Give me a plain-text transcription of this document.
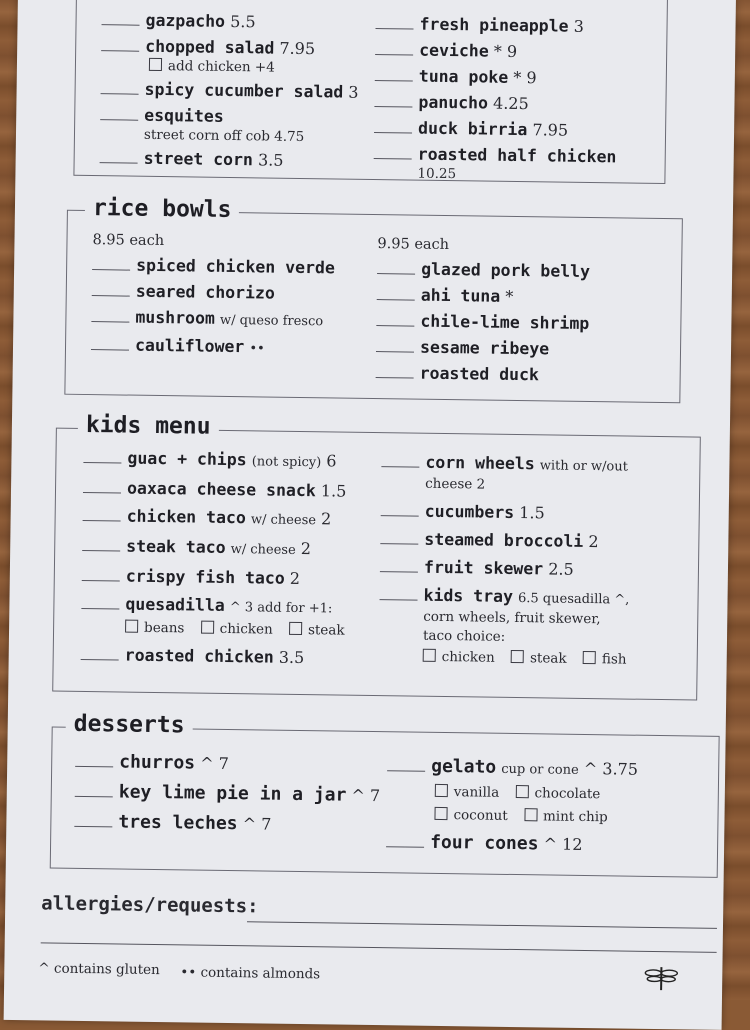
gazpacho 5.5
chopped salad 7.95
add chicken +4
spicy cucumber salad 3
esquites
street corn off cob 4.75
street corn 3.5
fresh pineapple 3
ceviche * 9
tuna poke * 9
panucho 4.25
duck birria 7.95
roasted half chicken
10.25
rice bowls
8.95 each
spiced chicken verde
seared chorizo
mushroom w/ queso fresco
cauliflower ••
9.95 each
glazed pork belly
ahi tuna *
chile-lime shrimp
sesame ribeye
roasted duck
kids menu
guac + chips (not spicy) 6
oaxaca cheese snack 1.5
chicken taco w/ cheese 2
steak taco w/ cheese 2
crispy fish taco 2
quesadilla ^ 3 add for +1:
beans	chicken	steak
roasted chicken 3.5
corn wheels with or w/out
cheese 2
cucumbers 1.5
steamed broccoli 2
fruit skewer 2.5
kids tray 6.5 quesadilla ^,
corn wheels, fruit skewer,
taco choice:
chicken	steak	fish
desserts
churros ^ 7
key lime pie in a jar ^ 7
tres leches ^ 7
gelato cup or cone ^ 3.75
vanilla	chocolate
coconut	mint chip
four cones ^ 12
allergies/requests:
^ contains gluten •• contains almonds
